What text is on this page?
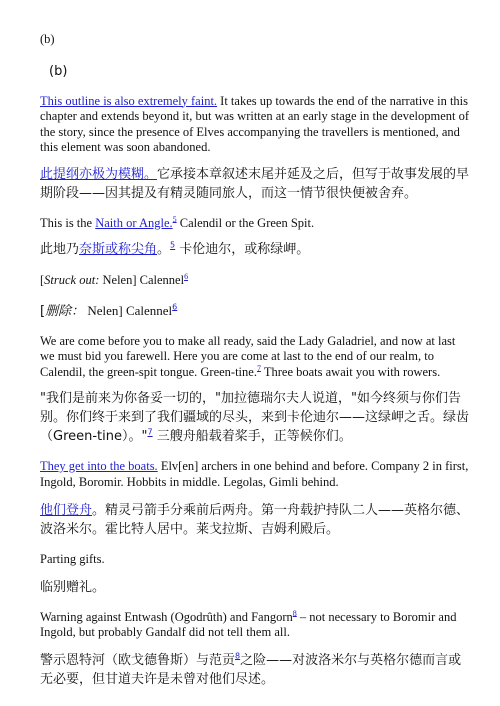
(b)

(b)

This outline is also extremely faint. It takes up towards the end of the narrative in this chapter and extends beyond it, but was written at an early stage in the development of the story, since the presence of Elves accompanying the travellers is mentioned, and this element was soon abandoned.

此提纲亦极为模糊。它承接本章叙述末尾并延及之后，但写于故事发展的早期阶段——因其提及有精灵随同旅人，而这一情节很快便被舍弃。

This is the Naith or Angle.$^5$ Calendil or the Green Spit.

此地乃奈斯或称尖角。$^5$ 卡伦迪尔，或称绿岬。

[Struck out: Nelen] Calennel$^6$

[删除： Nelen] Calennel$^6$

We are come before you to make all ready, said the Lady Galadriel, and now at last we must bid you farewell. Here you are come at last to the end of our realm, to Calendil, the green-spit tongue. Green-tine.$^7$ Three boats await you with rowers.

"我们是前来为你备妥一切的，"加拉德瑞尔夫人说道，"如今终须与你们告别。你们终于来到了我们疆域的尽头，来到卡伦迪尔——这绿岬之舌。绿齿（Green-tine）。"$^7$ 三艘舟船载着桨手，正等候你们。

They get into the boats. Elv[en] archers in one behind and before. Company 2 in first, Ingold, Boromir. Hobbits in middle. Legolas, Gimli behind.

他们登舟。精灵弓箭手分乘前后两舟。第一舟载护持队二人——英格尔德、波洛米尔。霍比特人居中。莱戈拉斯、吉姆利殿后。

Parting gifts.

临别赠礼。

Warning against Entwash (Ogodrûth) and Fangorn$^8$ – not necessary to Boromir and Ingold, but probably Gandalf did not tell them all.

警示恩特河（欧戈德鲁斯）与范贡$^8$之险——对波洛米尔与英格尔德而言或无必要，但甘道夫许是未曾对他们尽述。
